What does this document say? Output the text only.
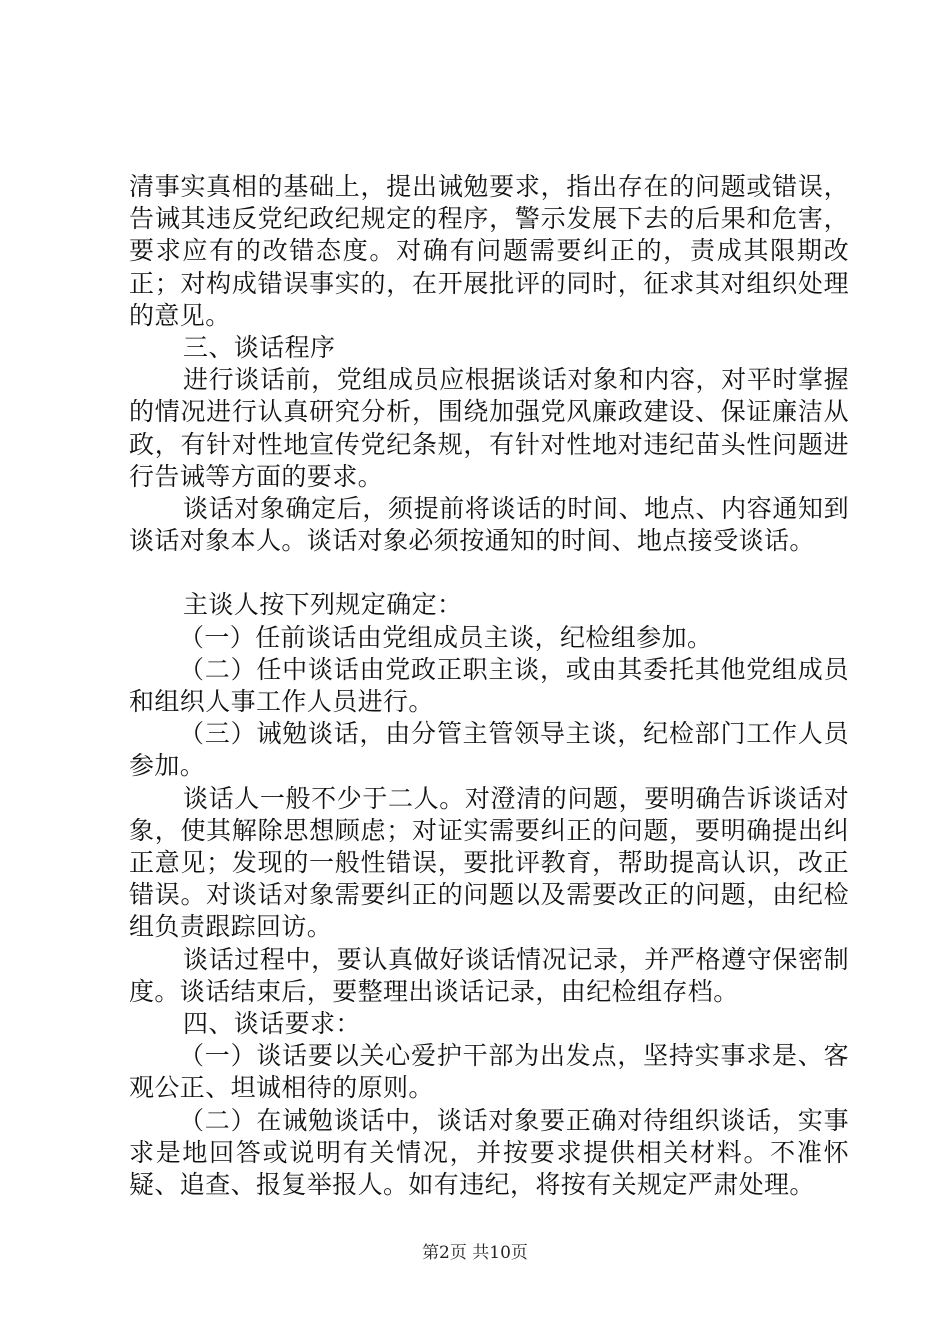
清事实真相的基础上，提出诫勉要求，指出存在的问题或错误，告诫其违反党纪政纪规定的程序，警示发展下去的后果和危害，要求应有的改错态度。对确有问题需要纠正的，责成其限期改正；对构成错误事实的，在开展批评的同时，征求其对组织处理的意见。

三、谈话程序

进行谈话前，党组成员应根据谈话对象和内容，对平时掌握的情况进行认真研究分析，围绕加强党风廉政建设、保证廉洁从政，有针对性地宣传党纪条规，有针对性地对违纪苗头性问题进行告诫等方面的要求。

谈话对象确定后，须提前将谈话的时间、地点、内容通知到谈话对象本人。谈话对象必须按通知的时间、地点接受谈话。

主谈人按下列规定确定：

（一）任前谈话由党组成员主谈，纪检组参加。

（二）任中谈话由党政正职主谈，或由其委托其他党组成员和组织人事工作人员进行。

（三）诫勉谈话，由分管主管领导主谈，纪检部门工作人员参加。

谈话人一般不少于二人。对澄清的问题，要明确告诉谈话对象，使其解除思想顾虑；对证实需要纠正的问题，要明确提出纠正意见；发现的一般性错误，要批评教育，帮助提高认识，改正错误。对谈话对象需要纠正的问题以及需要改正的问题，由纪检组负责跟踪回访。

谈话过程中，要认真做好谈话情况记录，并严格遵守保密制度。谈话结束后，要整理出谈话记录，由纪检组存档。

四、谈话要求：

（一）谈话要以关心爱护干部为出发点，坚持实事求是、客观公正、坦诚相待的原则。

（二）在诫勉谈话中，谈话对象要正确对待组织谈话，实事求是地回答或说明有关情况，并按要求提供相关材料。不准怀疑、追查、报复举报人。如有违纪，将按有关规定严肃处理。

第2页 共10页
